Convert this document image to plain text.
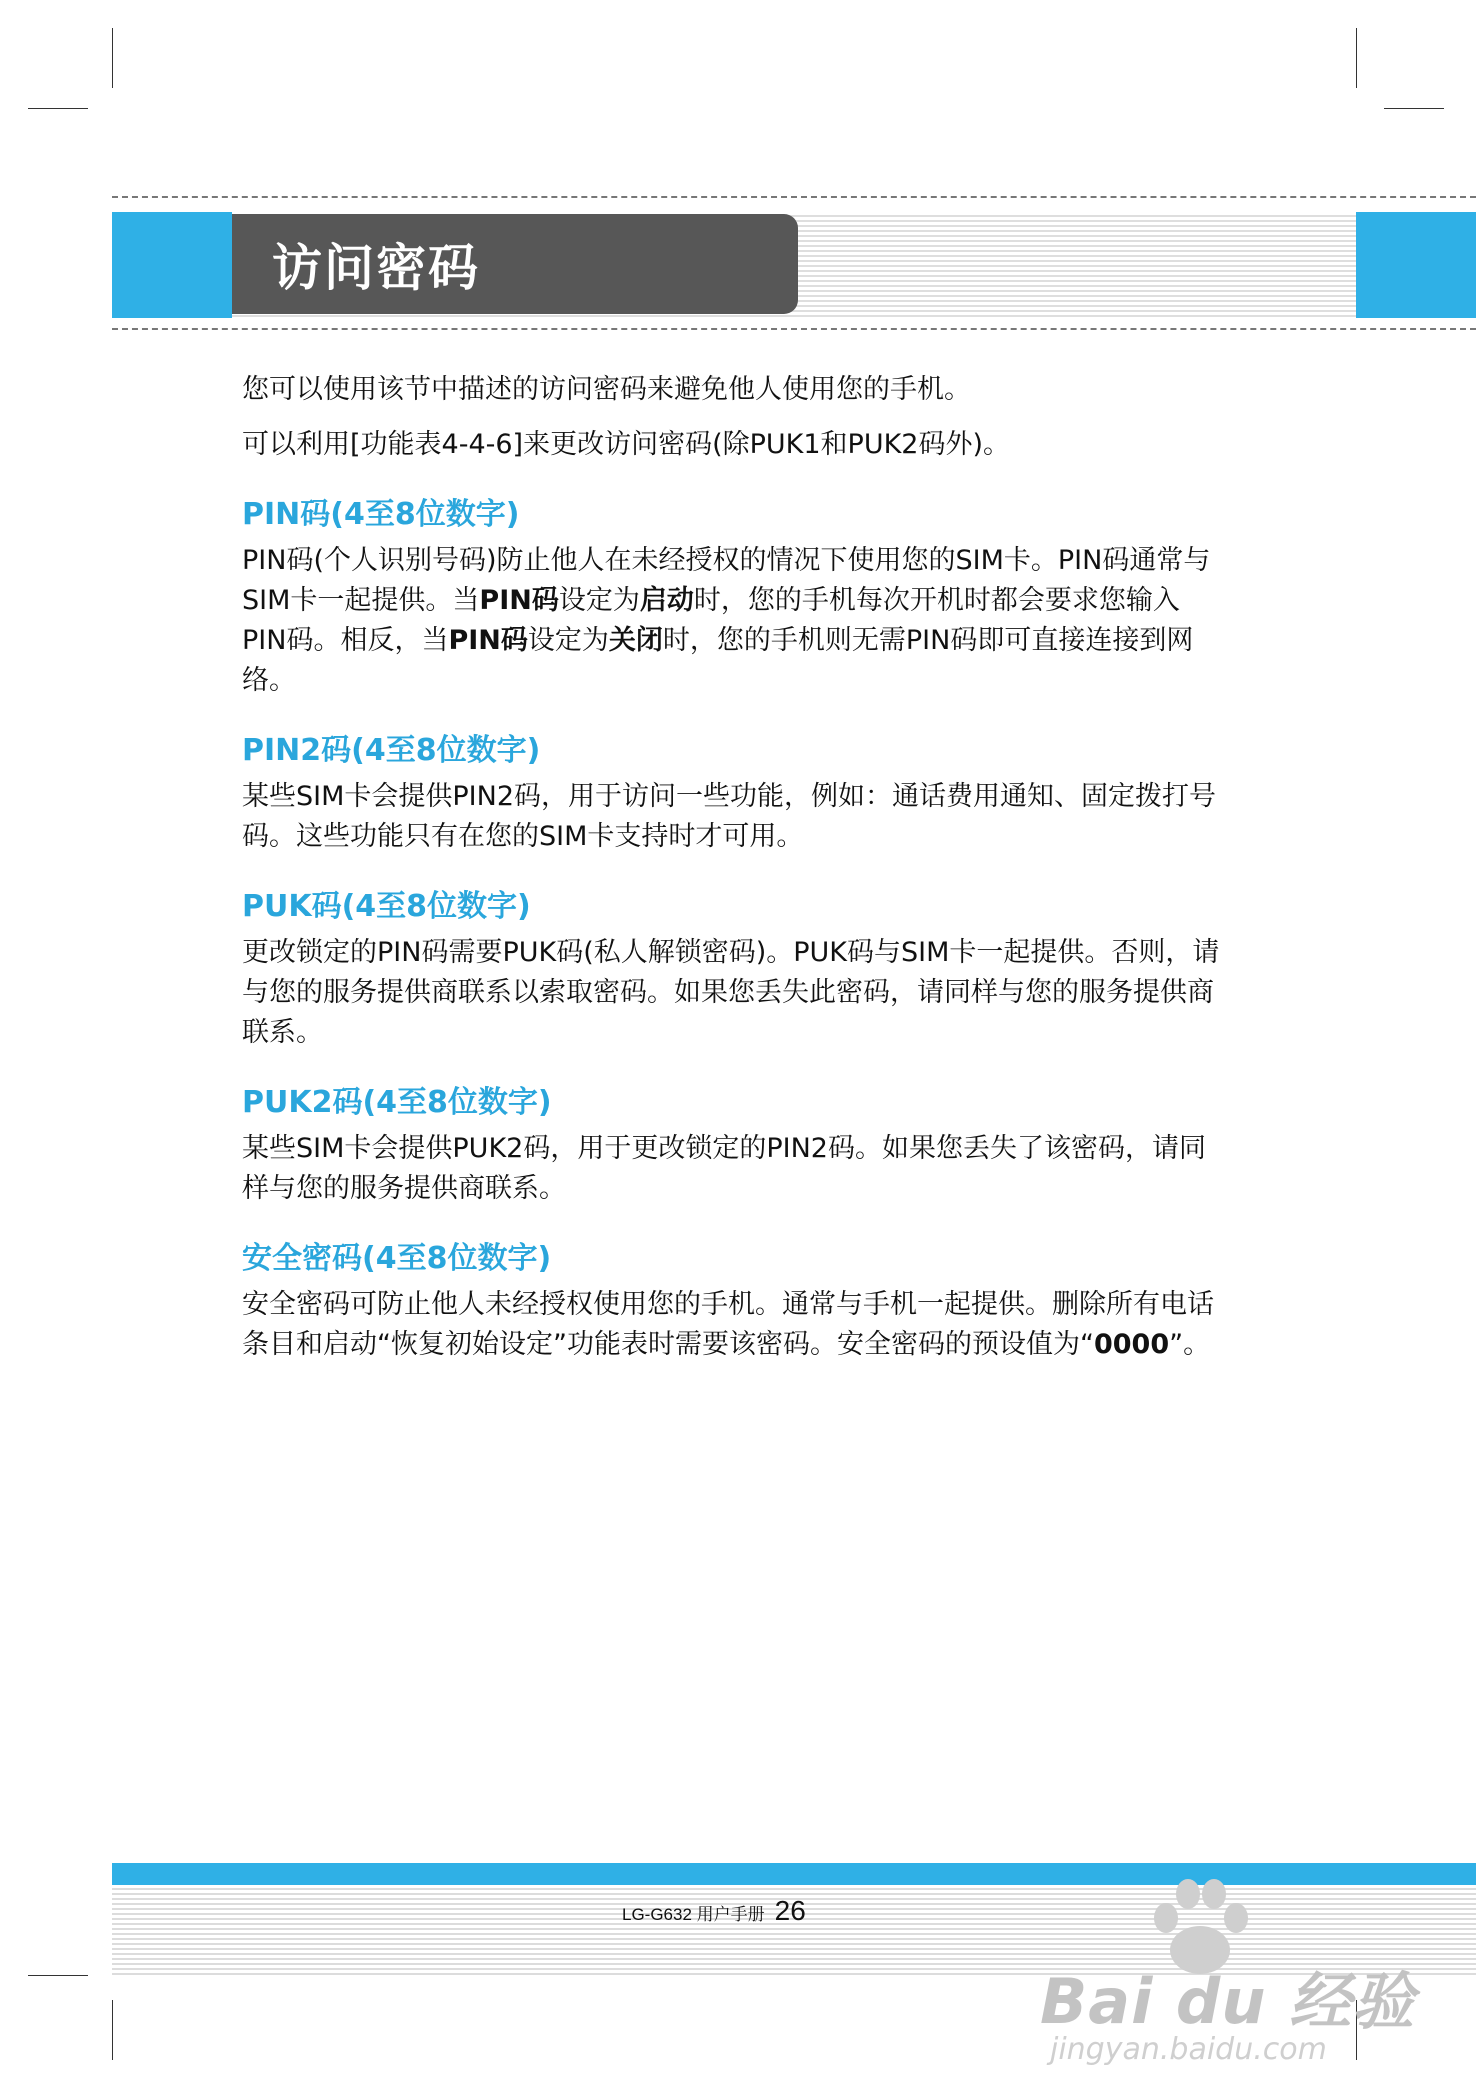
访问密码

您可以使用该节中描述的访问密码来避免他人使用您的手机。

可以利用[功能表4-4-6]来更改访问密码(除PUK1和PUK2码外)。

PIN码(4至8位数字)

PIN码(个人识别号码)防止他人在未经授权的情况下使用您的SIM卡。PIN码通常与SIM卡一起提供。当PIN码设定为启动时，您的手机每次开机时都会要求您输入PIN码。相反，当PIN码设定为关闭时，您的手机则无需PIN码即可直接连接到网络。

PIN2码(4至8位数字)

某些SIM卡会提供PIN2码，用于访问一些功能，例如：通话费用通知、固定拨打号码。这些功能只有在您的SIM卡支持时才可用。

PUK码(4至8位数字)

更改锁定的PIN码需要PUK码(私人解锁密码)。PUK码与SIM卡一起提供。否则，请与您的服务提供商联系以索取密码。如果您丢失此密码，请同样与您的服务提供商联系。

PUK2码(4至8位数字)

某些SIM卡会提供PUK2码，用于更改锁定的PIN2码。如果您丢失了该密码，请同样与您的服务提供商联系。

安全密码(4至8位数字)

安全密码可防止他人未经授权使用您的手机。通常与手机一起提供。删除所有电话条目和启动“恢复初始设定”功能表时需要该密码。安全密码的预设值为“0000”。

LG-G632 用户手册 26
Bai du 经验
jingyan.baidu.com
